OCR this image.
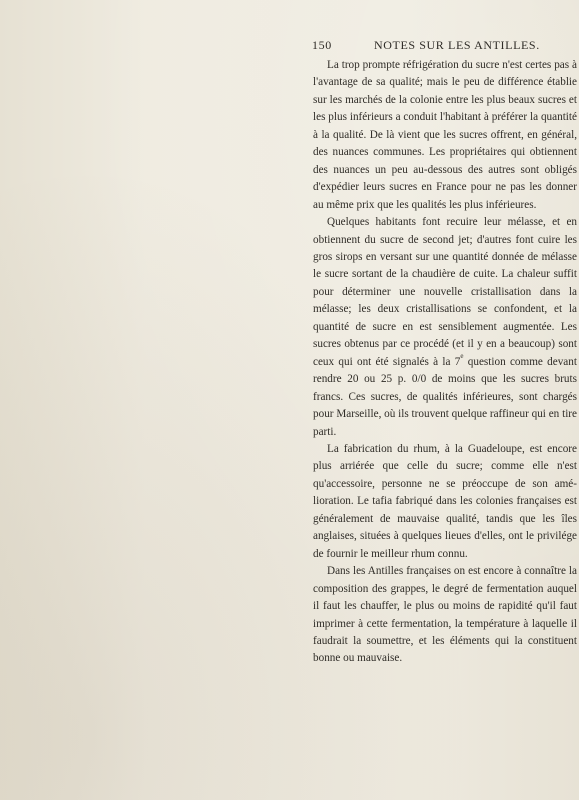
150	NOTES SUR LES ANTILLES.

La trop prompte réfrigération du sucre n'est certes pas à l'avantage de sa qualité; mais le peu de différence établie sur les marchés de la colonie entre les plus beaux sucres et les plus inférieurs a conduit l'habitant à préférer la quantité à la qualité. De là vient que les sucres offrent, en général, des nuances communes. Les propriétaires qui obtiennent des nuances un peu au-dessous des autres sont obligés d'expédier leurs sucres en France pour ne pas les donner au même prix que les qualités les plus inférieures.

Quelques habitants font recuire leur mélasse, et en obtiennent du sucre de second jet; d'autres font cuire les gros sirops en versant sur une quantité donnée de mélasse le sucre sortant de la chaudière de cuite. La chaleur suffit pour déterminer une nouvelle cristallisation dans la mélasse; les deux cristallisations se confondent, et la quantité de sucre en est sensiblement augmentée. Les sucres obtenus par ce procédé (et il y en a beaucoup) sont ceux qui ont été signalés à la 7e question comme devant rendre 20 ou 25 p. 0/0 de moins que les sucres bruts francs. Ces sucres, de qualités inférieures, sont chargés pour Marseille, où ils trouvent quelque raffineur qui en tire parti.

La fabrication du rhum, à la Guadeloupe, est encore plus arriérée que celle du sucre; comme elle n'est qu'accessoire, personne ne se préoccupe de son amélioration. Le tafia fabriqué dans les colonies françaises est généralement de mauvaise qualité, tandis que les îles anglaises, situées à quelques lieues d'elles, ont le privilége de fournir le meilleur rhum connu.

Dans les Antilles françaises on est encore à connaître la composition des grappes, le degré de fermentation auquel il faut les chauffer, le plus ou moins de rapidité qu'il faut imprimer à cette fermentation, la température à laquelle il faudrait la soumettre, et les éléments qui la constituent bonne ou mauvaise.
